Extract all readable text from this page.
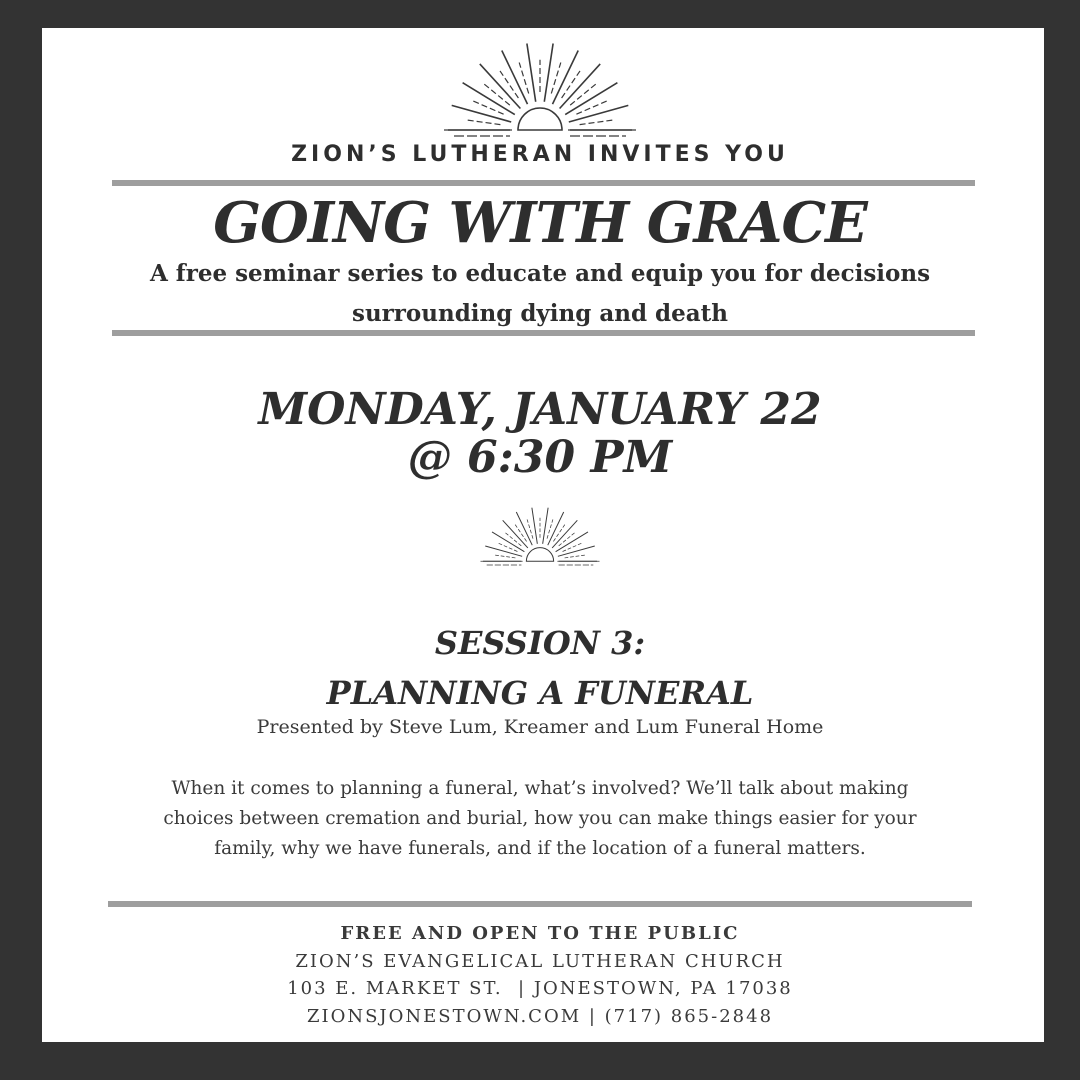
ZION’S LUTHERAN INVITES YOU
GOING WITH GRACE
A free seminar series to educate and equip you for decisions
surrounding dying and death
MONDAY, JANUARY 22
@ 6:30 PM
SESSION 3:
PLANNING A FUNERAL
Presented by Steve Lum, Kreamer and Lum Funeral Home
When it comes to planning a funeral, what’s involved? We’ll talk about making
choices between cremation and burial, how you can make things easier for your
family, why we have funerals, and if the location of a funeral matters.
FREE AND OPEN TO THE PUBLIC
ZION’S EVANGELICAL LUTHERAN CHURCH
103 E. MARKET ST.  | JONESTOWN, PA 17038
ZIONSJONESTOWN.COM | (717) 865-2848
